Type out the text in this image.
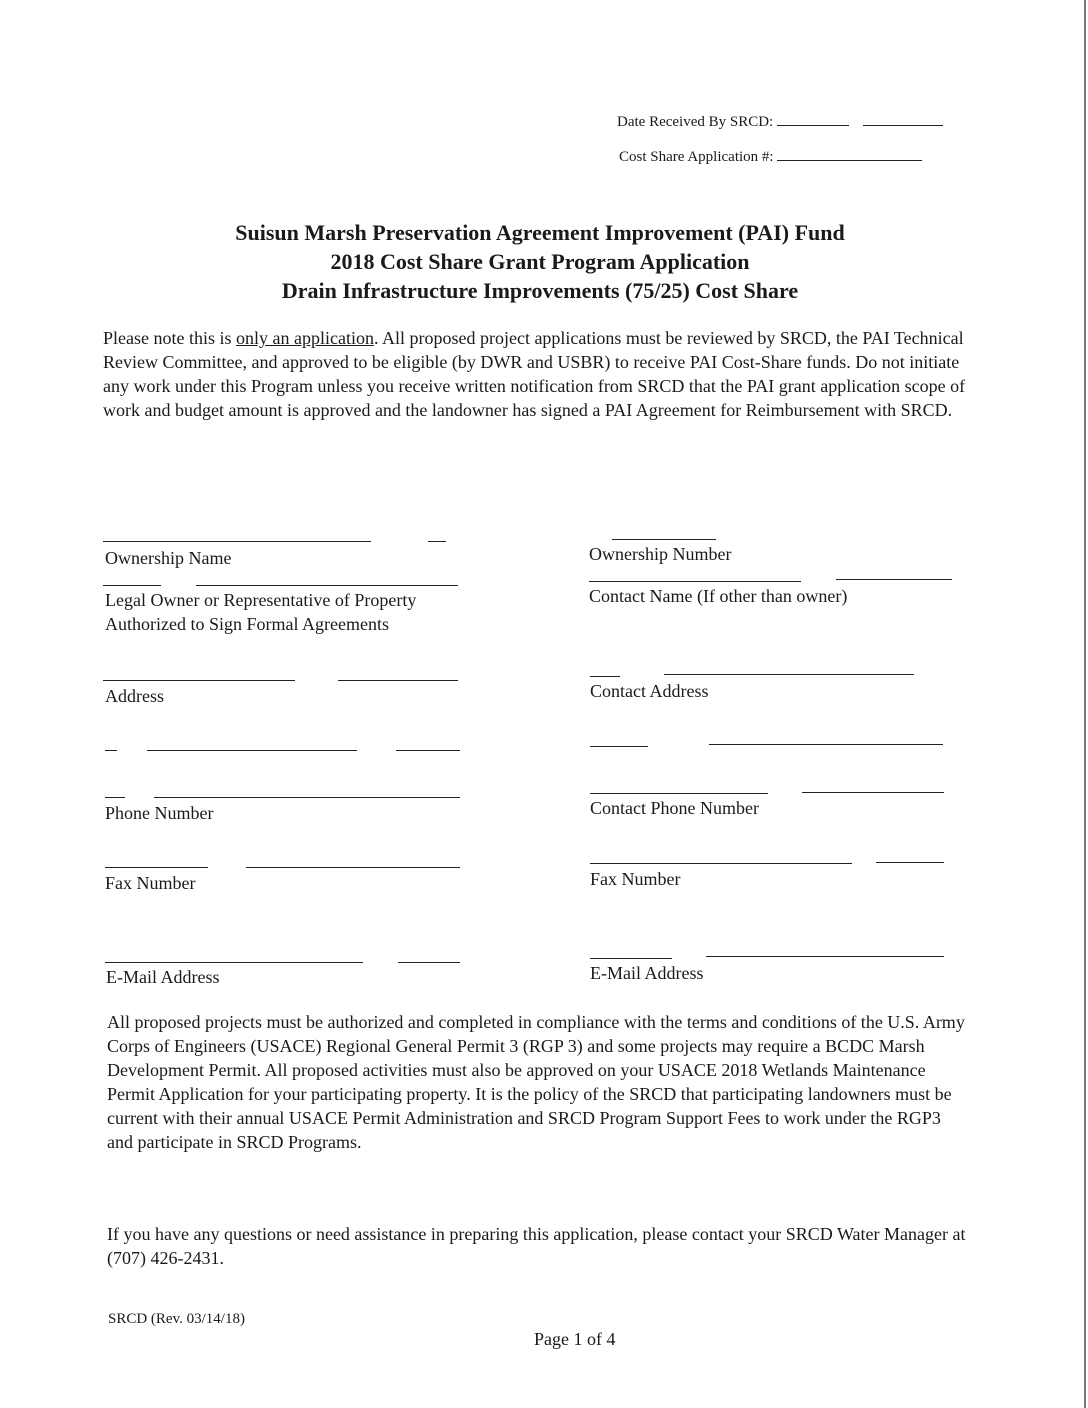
Date Received By SRCD:
Cost Share Application #:
Suisun Marsh Preservation Agreement Improvement (PAI) Fund
2018 Cost Share Grant Program Application
Drain Infrastructure Improvements (75/25) Cost Share
Please note this is only an application. All proposed project applications must be reviewed by SRCD, the PAI Technical Review Committee, and approved to be eligible (by DWR and USBR) to receive PAI Cost-Share funds. Do not initiate any work under this Program unless you receive written notification from SRCD that the PAI grant application scope of work and budget amount is approved and the landowner has signed a PAI Agreement for Reimbursement with SRCD.
Ownership Name
Legal Owner or Representative of Property
Authorized to Sign Formal Agreements
Address
Phone Number
Fax Number
E-Mail Address
Ownership Number
Contact Name (If other than owner)
Contact Address
Contact Phone Number
Fax Number
E-Mail Address
All proposed projects must be authorized and completed in compliance with the terms and conditions of the U.S. Army Corps of Engineers (USACE) Regional General Permit 3 (RGP 3) and some projects may require a BCDC Marsh Development Permit. All proposed activities must also be approved on your USACE 2018 Wetlands Maintenance Permit Application for your participating property. It is the policy of the SRCD that participating landowners must be current with their annual USACE Permit Administration and SRCD Program Support Fees to work under the RGP3 and participate in SRCD Programs.
If you have any questions or need assistance in preparing this application, please contact your SRCD Water Manager at (707) 426-2431.
SRCD (Rev. 03/14/18)
Page 1 of 4
